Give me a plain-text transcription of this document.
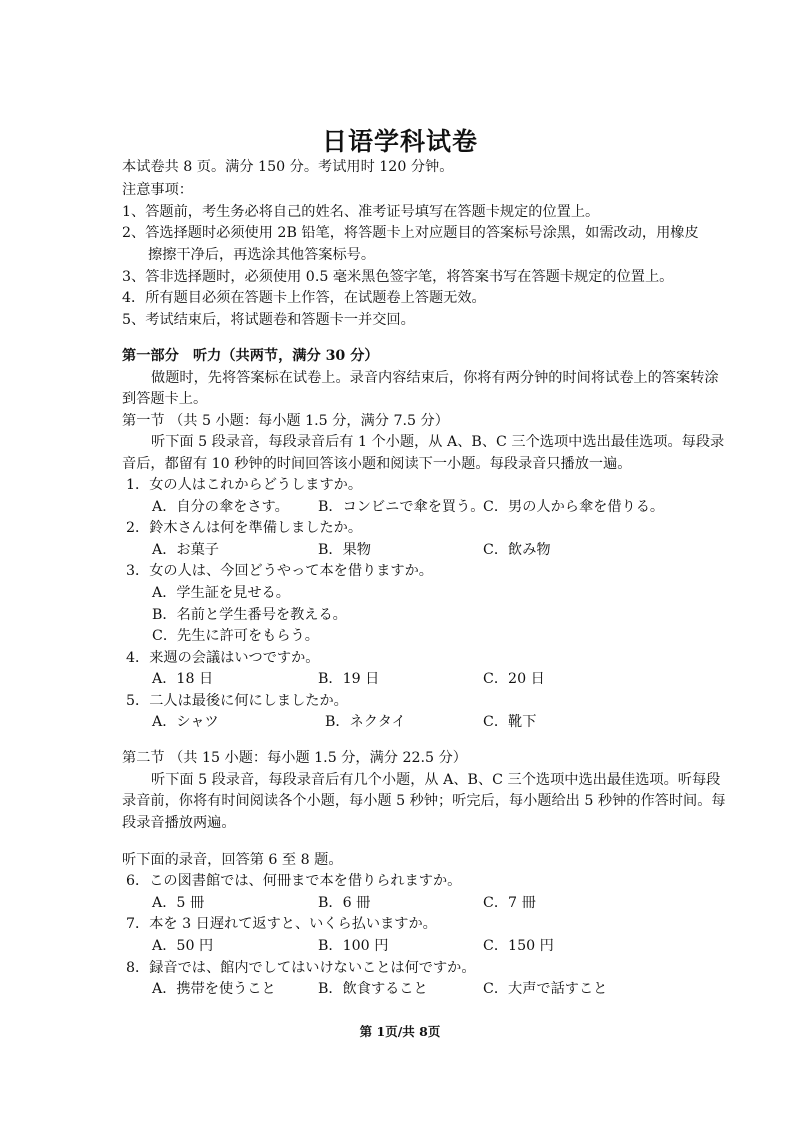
日语学科试卷
本试卷共 8 页。满分 150 分。考试用时 120 分钟。
注意事项：
1、答题前，考生务必将自己的姓名、准考证号填写在答题卡规定的位置上。
2、答选择题时必须使用 2B 铅笔，将答题卡上对应题目的答案标号涂黑，如需改动，用橡皮
擦擦干净后，再选涂其他答案标号。
3、答非选择题时，必须使用 0.5 毫米黑色签字笔，将答案书写在答题卡规定的位置上。
4．所有题目必须在答题卡上作答，在试题卷上答题无效。
5、考试结束后，将试题卷和答题卡一并交回。
第一部分　听力（共两节，满分 30 分）
做题时，先将答案标在试卷上。录音内容结束后，你将有两分钟的时间将试卷上的答案转涂
到答题卡上。
第一节 （共 5 小题：每小题 1.5 分，满分 7.5 分）
听下面 5 段录音，每段录音后有 1 个小题，从 A、B、C 三个选项中选出最佳选项。每段录
音后，都留有 10 秒钟的时间回答该小题和阅读下一小题。每段录音只播放一遍。
1．女の人はこれからどうしますか。
A．自分の傘をさす。 B．コンビニで傘を買う。
C．男の人から傘を借りる。
2．鈴木さんは何を準備しましたか。
A．お菓子	B．果物	C．飲み物
3．女の人は、今回どうやって本を借りますか。
A．学生証を見せる。
B．名前と学生番号を教える。
C．先生に許可をもらう。
4．来週の会議はいつですか。
A．18 日	B．19 日	C．20 日
5．二人は最後に何にしましたか。
A．シャツ	B．ネクタイ	C．靴下
第二节 （共 15 小题：每小题 1.5 分，满分 22.5 分）
听下面 5 段录音，每段录音后有几个小题，从 A、B、C 三个选项中选出最佳选项。听每段
录音前，你将有时间阅读各个小题，每小题 5 秒钟；听完后，每小题给出 5 秒钟的作答时间。每
段录音播放两遍。
听下面的录音，回答第 6 至 8 题。
6．この図書館では、何冊まで本を借りられますか。
A．5 冊	B．6 冊	C．7 冊
7．本を 3 日遅れて返すと、いくら払いますか。
A．50 円	B．100 円	C．150 円
8．録音では、館内でしてはいけないことは何ですか。
A．携帯を使うこと	B．飲食すること	C．大声で話すこと
第 1页/共 8页
